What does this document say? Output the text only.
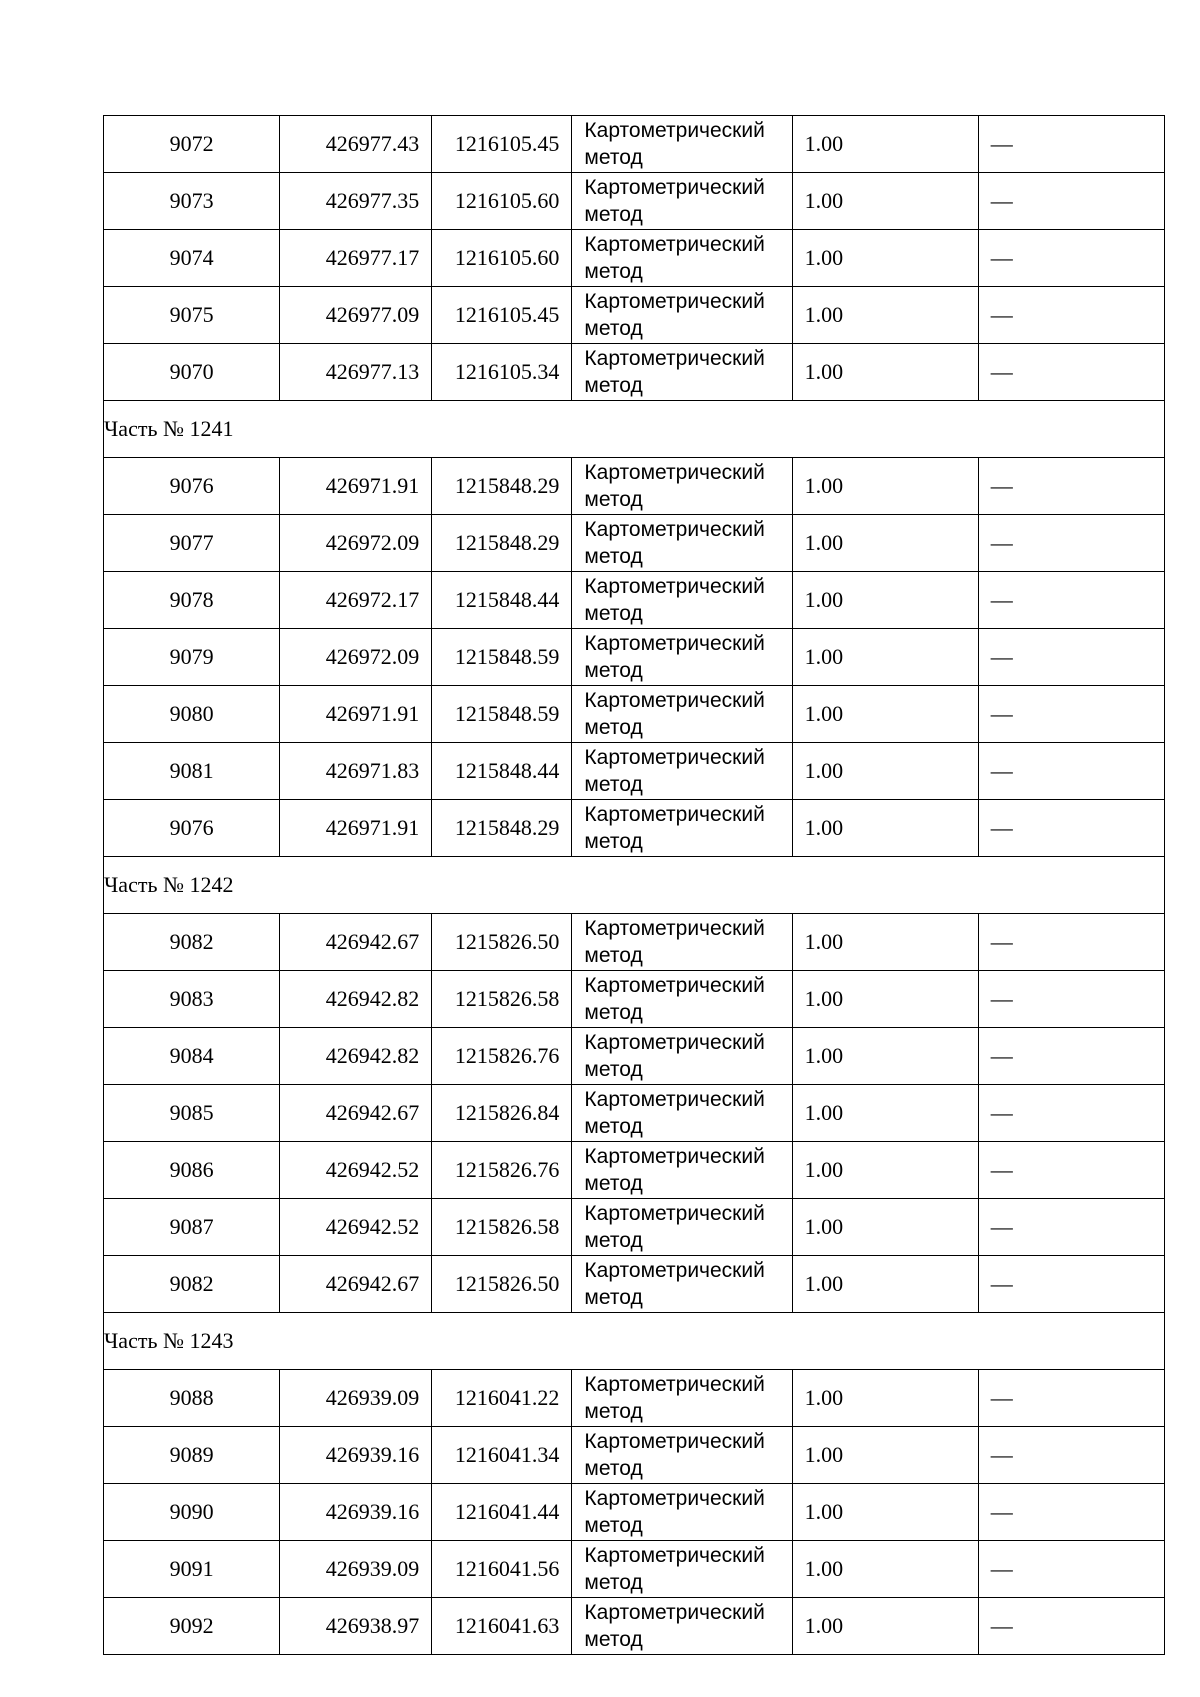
9072	426977.43	1216105.45	Картометрический метод	1.00	—
9073	426977.35	1216105.60	Картометрический метод	1.00	—
9074	426977.17	1216105.60	Картометрический метод	1.00	—
9075	426977.09	1216105.45	Картометрический метод	1.00	—
9070	426977.13	1216105.34	Картометрический метод	1.00	—
Часть № 1241					
9076	426971.91	1215848.29	Картометрический метод	1.00	—
9077	426972.09	1215848.29	Картометрический метод	1.00	—
9078	426972.17	1215848.44	Картометрический метод	1.00	—
9079	426972.09	1215848.59	Картометрический метод	1.00	—
9080	426971.91	1215848.59	Картометрический метод	1.00	—
9081	426971.83	1215848.44	Картометрический метод	1.00	—
9076	426971.91	1215848.29	Картометрический метод	1.00	—
Часть № 1242					
9082	426942.67	1215826.50	Картометрический метод	1.00	—
9083	426942.82	1215826.58	Картометрический метод	1.00	—
9084	426942.82	1215826.76	Картометрический метод	1.00	—
9085	426942.67	1215826.84	Картометрический метод	1.00	—
9086	426942.52	1215826.76	Картометрический метод	1.00	—
9087	426942.52	1215826.58	Картометрический метод	1.00	—
9082	426942.67	1215826.50	Картометрический метод	1.00	—
Часть № 1243					
9088	426939.09	1216041.22	Картометрический метод	1.00	—
9089	426939.16	1216041.34	Картометрический метод	1.00	—
9090	426939.16	1216041.44	Картометрический метод	1.00	—
9091	426939.09	1216041.56	Картометрический метод	1.00	—
9092	426938.97	1216041.63	Картометрический метод	1.00	—
